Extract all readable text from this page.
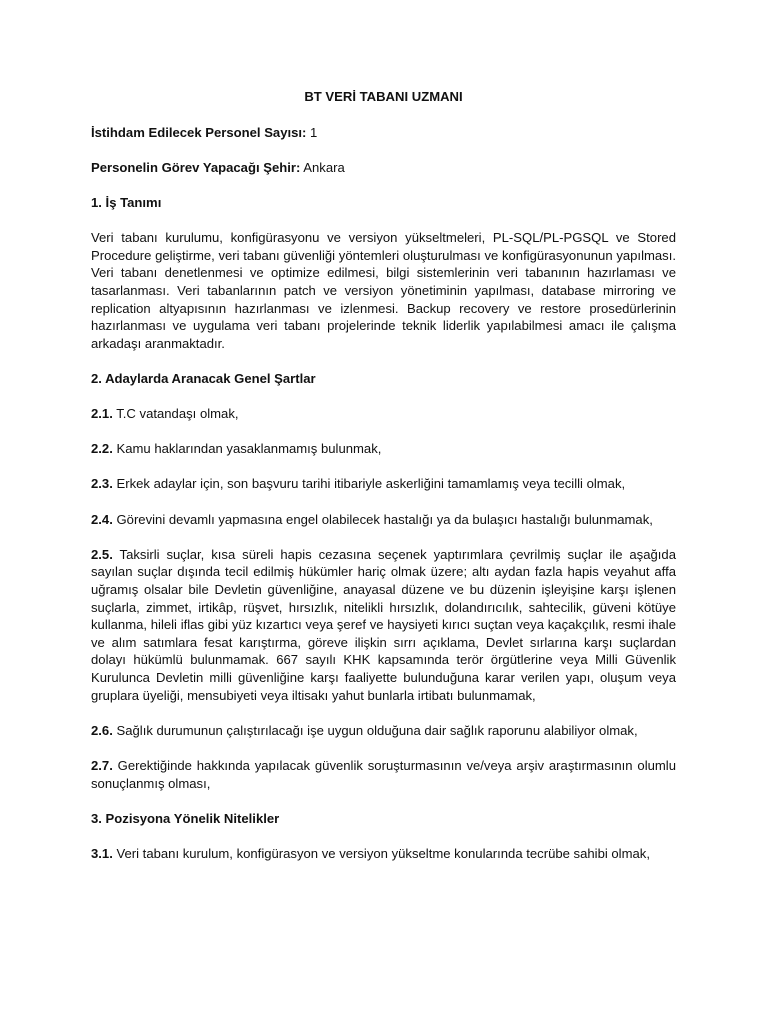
BT VERİ TABANI UZMANI
İstihdam Edilecek Personel Sayısı: 1
Personelin Görev Yapacağı Şehir: Ankara
1. İş Tanımı
Veri tabanı kurulumu, konfigürasyonu ve versiyon yükseltmeleri, PL-SQL/PL-PGSQL ve Stored Procedure geliştirme, veri tabanı güvenliği yöntemleri oluşturulması ve konfigürasyonunun yapılması. Veri tabanı denetlenmesi ve optimize edilmesi, bilgi sistemlerinin veri tabanının hazırlaması ve tasarlanması. Veri tabanlarının patch ve versiyon yönetiminin yapılması, database mirroring ve replication altyapısının hazırlanması ve izlenmesi. Backup recovery ve restore prosedürlerinin hazırlanması ve uygulama veri tabanı projelerinde teknik liderlik yapılabilmesi amacı ile çalışma arkadaşı aranmaktadır.
2. Adaylarda Aranacak Genel Şartlar
2.1. T.C vatandaşı olmak,
2.2. Kamu haklarından yasaklanmamış bulunmak,
2.3. Erkek adaylar için, son başvuru tarihi itibariyle askerliğini tamamlamış veya tecilli olmak,
2.4. Görevini devamlı yapmasına engel olabilecek hastalığı ya da bulaşıcı hastalığı bulunmamak,
2.5. Taksirli suçlar, kısa süreli hapis cezasına seçenek yaptırımlara çevrilmiş suçlar ile aşağıda sayılan suçlar dışında tecil edilmiş hükümler hariç olmak üzere; altı aydan fazla hapis veyahut affa uğramış olsalar bile Devletin güvenliğine, anayasal düzene ve bu düzenin işleyişine karşı işlenen suçlarla, zimmet, irtikâp, rüşvet, hırsızlık, nitelikli hırsızlık, dolandırıcılık, sahtecilik, güveni kötüye kullanma, hileli iflas gibi yüz kızartıcı veya şeref ve haysiyeti kırıcı suçtan veya kaçakçılık, resmi ihale ve alım satımlara fesat karıştırma, göreve ilişkin sırrı açıklama, Devlet sırlarına karşı suçlardan dolayı hükümlü bulunmamak. 667 sayılı KHK kapsamında terör örgütlerine veya Milli Güvenlik Kurulunca Devletin milli güvenliğine karşı faaliyette bulunduğuna karar verilen yapı, oluşum veya gruplara üyeliği, mensubiyeti veya iltisakı yahut bunlarla irtibatı bulunmamak,
2.6. Sağlık durumunun çalıştırılacağı işe uygun olduğuna dair sağlık raporunu alabiliyor olmak,
2.7. Gerektiğinde hakkında yapılacak güvenlik soruşturmasının ve/veya arşiv araştırmasının olumlu sonuçlanmış olması,
3. Pozisyona Yönelik Nitelikler
3.1. Veri tabanı kurulum, konfigürasyon ve versiyon yükseltme konularında tecrübe sahibi olmak,
